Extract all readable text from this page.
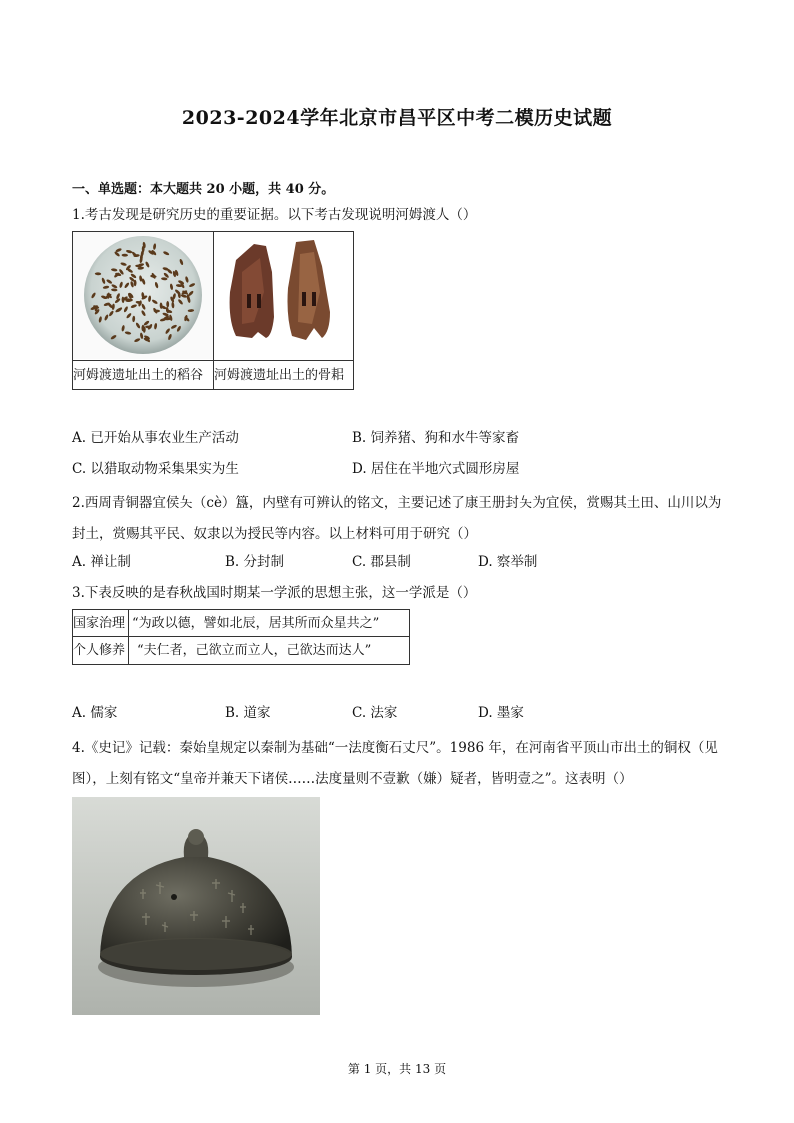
2023-2024学年北京市昌平区中考二模历史试题
一、单选题：本大题共 20 小题，共 40 分。
1.考古发现是研究历史的重要证据。以下考古发现说明河姆渡人（）
河姆渡遗址出土的稻谷 河姆渡遗址出土的骨耜
A. 已开始从事农业生产活动	B. 饲养猪、狗和水牛等家畜
C. 以猎取动物采集果实为生	D. 居住在半地穴式圆形房屋
2.西周青铜器宜侯夨（cè）簋，内壁有可辨认的铭文，主要记述了康王册封夨为宜侯，赏赐其土田、山川以为封土，赏赐其平民、奴隶以为授民等内容。以上材料可用于研究（）
A. 禅让制	B. 分封制	C. 郡县制	D. 察举制
3.下表反映的是春秋战国时期某一学派的思想主张，这一学派是（）
国家治理 “为政以德，譬如北辰，居其所而众星共之”
个人修养 “夫仁者，己欲立而立人，己欲达而达人”
A. 儒家	B. 道家	C. 法家	D. 墨家
4.《史记》记载：秦始皇规定以秦制为基础“一法度衡石丈尺”。1986 年，在河南省平顶山市出土的铜权（见图），上刻有铭文“皇帝并兼天下诸侯……法度量则不壹歉（嫌）疑者，皆明壹之”。这表明（）
第 1 页，共 13 页
